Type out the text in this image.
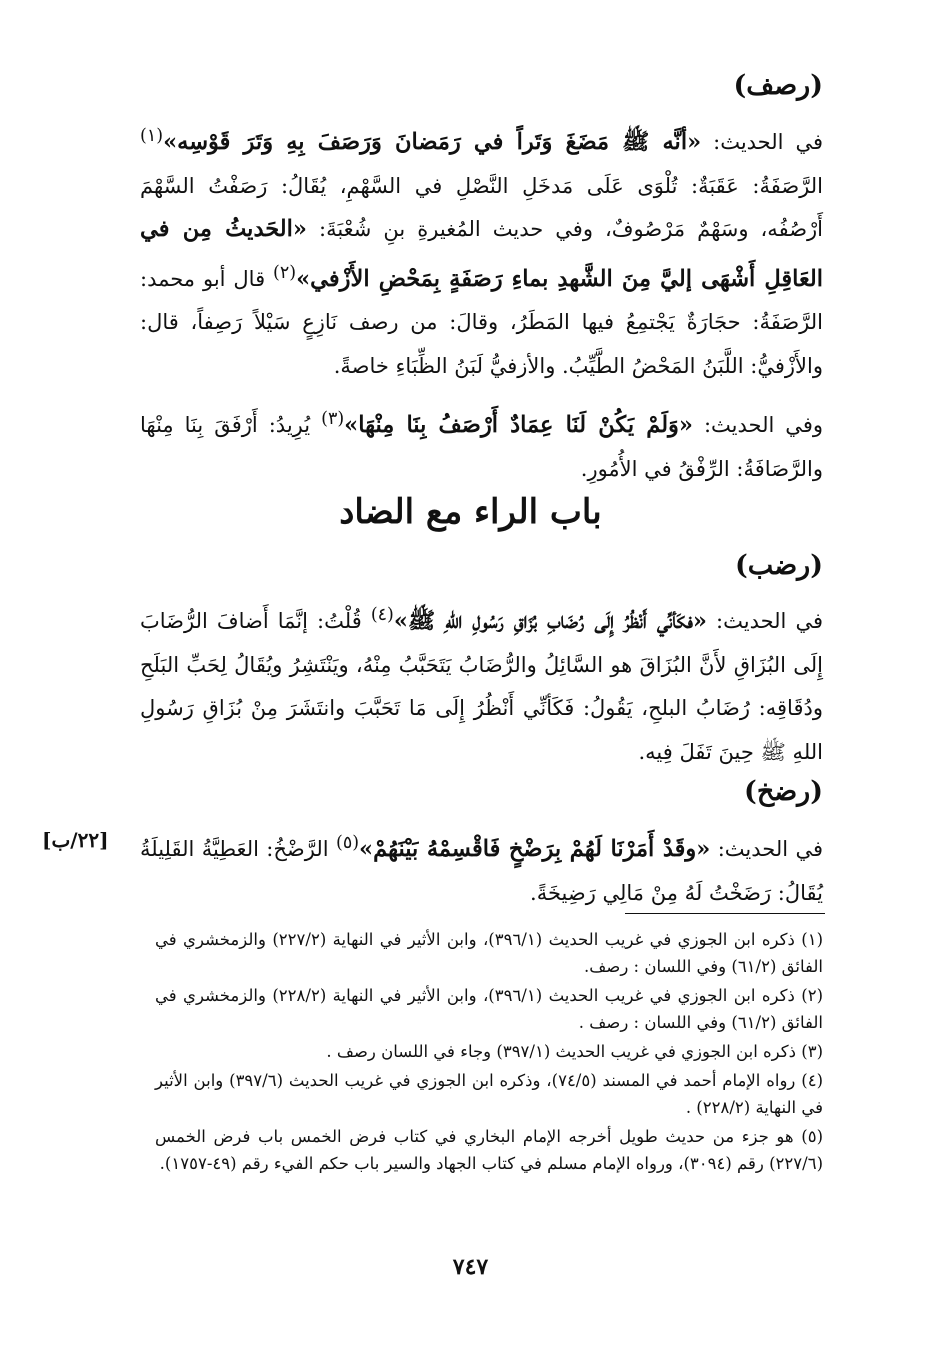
(رصف)
في الحديث: «أنَّه ﷺ مَضَغَ وَتَراً في رَمَضانَ وَرَصَفَ بِهِ وَتَرَ قَوْسِه»$^{(١)}$ الرَّصَفَةُ: عَقَبَةٌ: تُلْوَى عَلَى مَدخَلِ النَّصْلِ في السَّهْمِ، يُقَالُ: رَصَفْتُ السَّهْمَ أَرْصُفُه، وسَهْمٌ مَرْصُوفٌ، وفي حديث المُغيرةِ بنِ شُعْبَةَ: «الحَديثُ مِن في العَاقِلِ أَشْهَى إليَّ مِنَ الشَّهدِ بماءِ رَصَفَةٍ بِمَحْضِ الأَزْفي»$^{(٢)}$ قال أبو محمد: الرَّصَفَةُ: حجَارَةٌ يَجْتمِعُ فيها المَطَرُ، وقالَ: من رصف نَازِعٍ سَيْلاً رَصِفاً، قال: والأَزْفيُّ: اللَّبَنُ المَحْضُ الطَّيِّبُ. والأزفيُّ لَبَنُ الظِّبَاءِ خاصةً.
وفي الحديث: «وَلَمْ يَكُنْ لَنَا عِمَادٌ أَرْصَفُ بِنَا مِنْهَا»$^{(٣)}$ يُرِيدُ: أَرْفَقَ بِنَا مِنْهَا والرَّصَافَةُ: الرِّفْقُ في الأُمُورِ.
باب الراء مع الضاد
(رضب)
في الحديث: «فكَأنِّي أَنْظُرُ إِلَى رُضَابِ بُزَاقِ رَسُولِ اللهِ ﷺ»$^{(٤)}$ قُلْتُ: إنَّمَا أَضافَ الرُّضَابَ إِلَى البُزَاقِ لأَنَّ البُزَاقَ هو السَّائِلُ والرُّضَابُ يَتَحَبَّبُ مِنْهُ، ويَنْتَشِرُ ويُقَالُ لِحَبِّ البَلَحِ ودُقَاقِه: رُضَابُ البلحِ، يَقُولُ: فَكَأنِّي أَنْظُرُ إِلَى مَا تَحَبَّبَ وانتَشَرَ مِنْ بُزَاقِ رَسُولِ اللهِ ﷺ حِينَ تَفَلَ فِيه.
(رضخ)
في الحديث: «وقَدْ أَمَرْنَا لَهُمْ بِرَضْخٍ فَاقْسِمْهُ بَيْنَهُمْ»$^{(٥)}$ الرَّضْخُ: العَطِيَّةُ القَلِيلَةُ يُقَالُ: رَضَخْتُ لَهُ مِنْ مَالِي رَضِيخَةً.
[٢٢/ب]

(١) ذكره ابن الجوزي في غريب الحديث (٣٩٦/١)، وابن الأثير في النهاية (٢٢٧/٢) والزمخشري في الفائق (٦١/٢) وفي اللسان : رصف.

(٢) ذكره ابن الجوزي في غريب الحديث (٣٩٦/١)، وابن الأثير في النهاية (٢٢٨/٢) والزمخشري في الفائق (٦١/٢) وفي اللسان : رصف .

(٣) ذكره ابن الجوزي في غريب الحديث (٣٩٧/١) وجاء في اللسان رصف .

(٤) رواه الإمام أحمد في المسند (٧٤/٥)، وذكره ابن الجوزي في غريب الحديث (٣٩٧/٦) وابن الأثير في النهاية (٢٢٨/٢) .

(٥) هو جزء من حديث طويل أخرجه الإمام البخاري في كتاب فرض الخمس باب فرض الخمس (٢٢٧/٦) رقم (٣٠٩٤)، ورواه الإمام مسلم في كتاب الجهاد والسير باب حكم الفيء رقم (٤٩-١٧٥٧).

٧٤٧
